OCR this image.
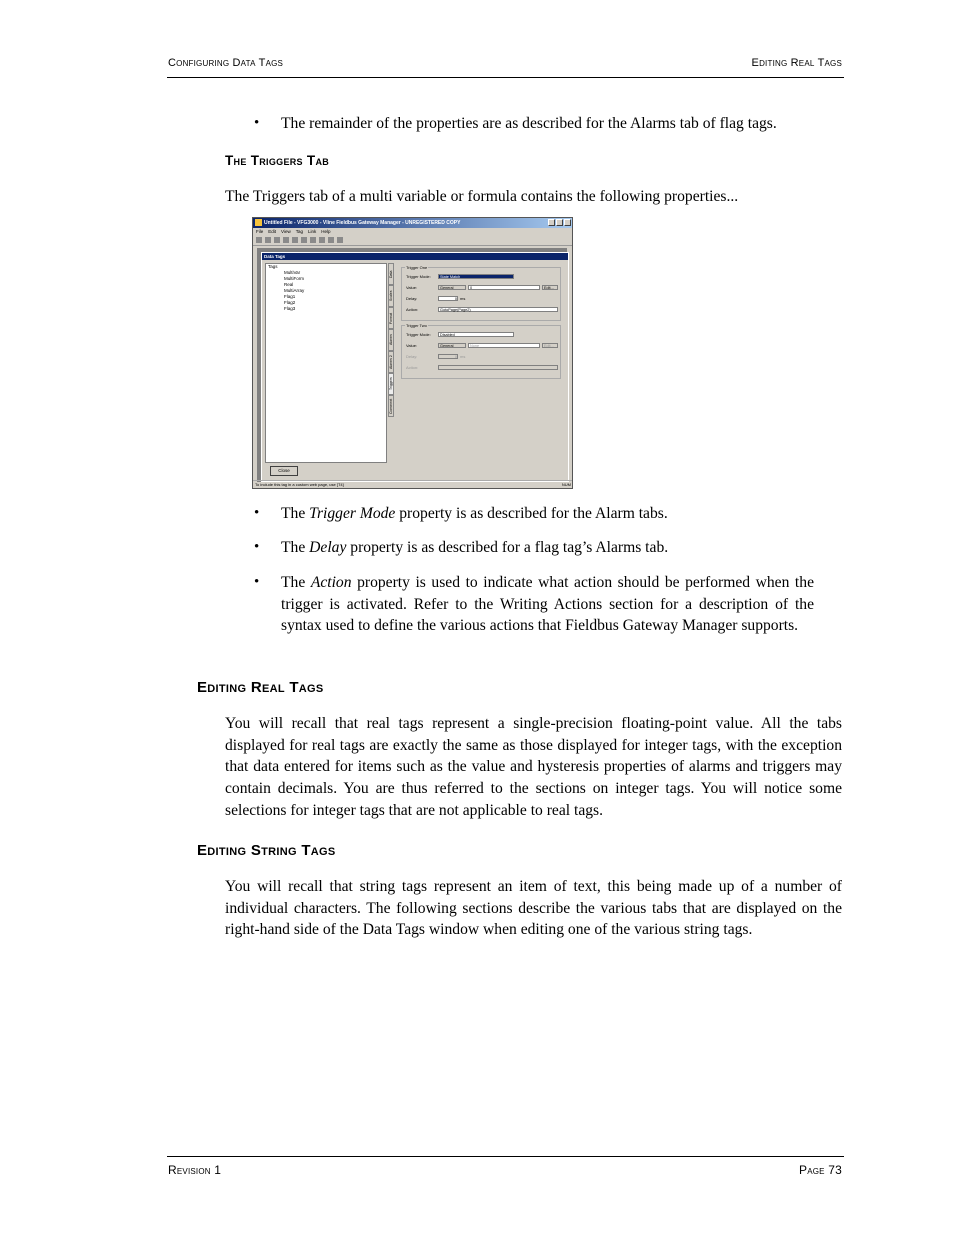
Configuring Data Tags	Editing Real Tags
• The remainder of the properties are as described for the Alarms tab of flag tags.
The Triggers Tab
The Triggers tab of a multi variable or formula contains the following properties...
Untitled File - VFG3000 - Vline Fieldbus Gateway Manager - UNREGISTERED COPY
File Edit View Tag Link Help
Data Tags
Tags
MultiVar
MultiForm
Real
MultiArray
Flag1
Flag2
Flag3
Close
Data
Scales
Format
Alarms
Alarms 2
Triggers
Comment
Trigger One
Trigger Mode:	State Match
Value:	General	0	Edit...
Delay:	0 ms
Action:	GotoPage(Page2)
Trigger Two
Trigger Mode:	Disabled
Value:	General	None	Edit...
Delay:	0 ms
Action:
To include this tag in a custom web page, use [T4]	NUM
• The Trigger Mode property is as described for the Alarm tabs.
• The Delay property is as described for a flag tag’s Alarms tab.
• The Action property is used to indicate what action should be performed when the trigger is activated. Refer to the Writing Actions section for a description of the syntax used to define the various actions that Fieldbus Gateway Manager supports.
Editing Real Tags
You will recall that real tags represent a single-precision floating-point value. All the tabs displayed for real tags are exactly the same as those displayed for integer tags, with the exception that data entered for items such as the value and hysteresis properties of alarms and triggers may contain decimals. You are thus referred to the sections on integer tags. You will notice some selections for integer tags that are not applicable to real tags.
Editing String Tags
You will recall that string tags represent an item of text, this being made up of a number of individual characters. The following sections describe the various tabs that are displayed on the right-hand side of the Data Tags window when editing one of the various string tags.
Revision 1	Page 73
